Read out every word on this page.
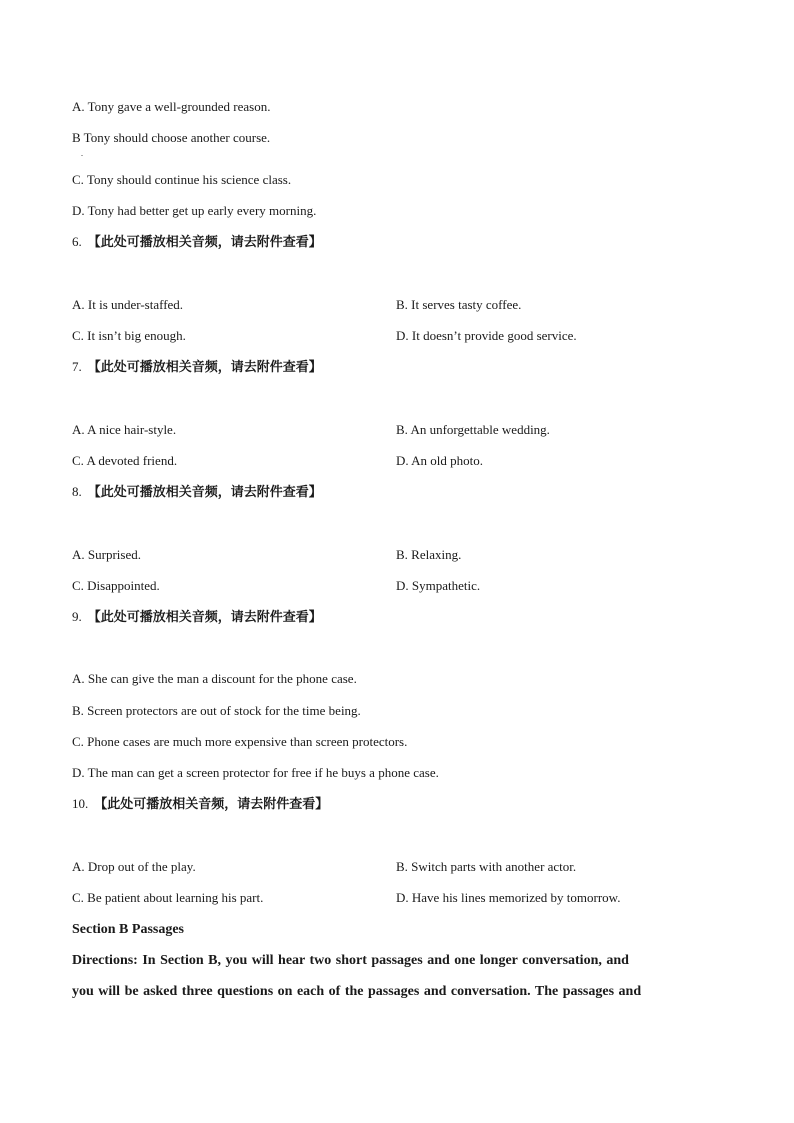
A. Tony gave a well-grounded reason.
B Tony should choose another course.
.
C. Tony should continue his science class.
D. Tony had better get up early every morning.
6. 【此处可播放相关音频，请去附件查看】
A. It is under-staffed.	B. It serves tasty coffee.
C. It isn’t big enough.	D. It doesn’t provide good service.
7. 【此处可播放相关音频，请去附件查看】
A. A nice hair-style.	B. An unforgettable wedding.
C. A devoted friend.	D. An old photo.
8. 【此处可播放相关音频，请去附件查看】
A. Surprised.	B. Relaxing.
C. Disappointed.	D. Sympathetic.
9. 【此处可播放相关音频，请去附件查看】
A. She can give the man a discount for the phone case.
B. Screen protectors are out of stock for the time being.
C. Phone cases are much more expensive than screen protectors.
D. The man can get a screen protector for free if he buys a phone case.
10. 【此处可播放相关音频，请去附件查看】
A. Drop out of the play.	B. Switch parts with another actor.
C. Be patient about learning his part.	D. Have his lines memorized by tomorrow.
Section B Passages
Directions: In Section B, you will hear two short passages and one longer conversation, and
you will be asked three questions on each of the passages and conversation. The passages and
